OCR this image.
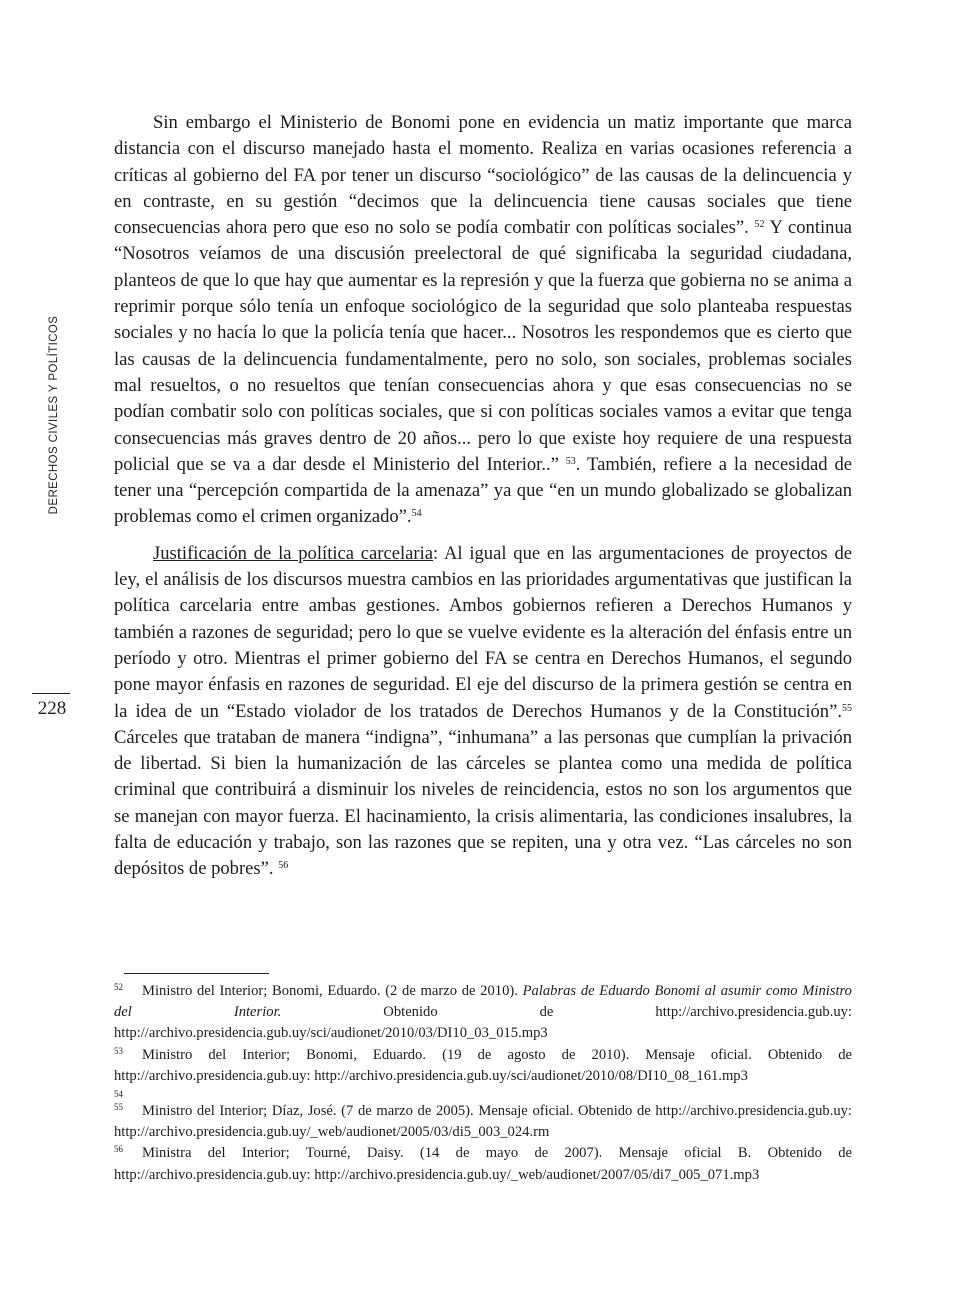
DERECHOS CIVILES Y POLÍTICOS
228

Sin embargo el Ministerio de Bonomi pone en evidencia un matiz importante que marca distancia con el discurso manejado hasta el momento. Realiza en varias ocasiones referencia a críticas al gobierno del FA por tener un discurso “sociológico” de las causas de la delincuencia y en contraste, en su gestión “decimos que la delincuencia tiene causas sociales que tiene consecuencias ahora pero que eso no solo se podía combatir con políticas sociales”. $^{52}$ Y continua “Nosotros veíamos de una discusión preelectoral de qué significaba la seguridad ciudadana, planteos de que lo que hay que aumentar es la represión y que la fuerza que gobierna no se anima a reprimir porque sólo tenía un enfoque sociológico de la seguridad que solo planteaba respuestas sociales y no hacía lo que la policía tenía que hacer... Nosotros les respondemos que es cierto que las causas de la delincuencia fundamentalmente, pero no solo, son sociales, problemas sociales mal resueltos, o no resueltos que tenían consecuencias ahora y que esas consecuencias no se podían combatir solo con políticas sociales, que si con políticas sociales vamos a evitar que tenga consecuencias más graves dentro de 20 años... pero lo que existe hoy requiere de una respuesta policial que se va a dar desde el Ministerio del Interior..” $^{53}$. También, refiere a la necesidad de tener una “percepción compartida de la amenaza” ya que “en un mundo globalizado se globalizan problemas como el crimen organizado”.$^{54}$

Justificación de la política carcelaria: Al igual que en las argumentaciones de proyectos de ley, el análisis de los discursos muestra cambios en las prioridades argumentativas que justifican la política carcelaria entre ambas gestiones. Ambos gobiernos refieren a Derechos Humanos y también a razones de seguridad; pero lo que se vuelve evidente es la alteración del énfasis entre un período y otro. Mientras el primer gobierno del FA se centra en Derechos Humanos, el segundo pone mayor énfasis en razones de seguridad. El eje del discurso de la primera gestión se centra en la idea de un “Estado violador de los tratados de Derechos Humanos y de la Constitución”.$^{55}$ Cárceles que trataban de manera “indigna”, “inhumana” a las personas que cumplían la privación de libertad. Si bien la humanización de las cárceles se plantea como una medida de política criminal que contribuirá a disminuir los niveles de reincidencia, estos no son los argumentos que se manejan con mayor fuerza. El hacinamiento, la crisis alimentaria, las condiciones insalubres, la falta de educación y trabajo, son las razones que se repiten, una y otra vez. “Las cárceles no son depósitos de pobres”. $^{56}$

52 Ministro del Interior; Bonomi, Eduardo. (2 de marzo de 2010). Palabras de Eduardo Bonomi al asumir como Ministro del Interior. Obtenido de http://archivo.presidencia.gub.uy: http://archivo.presidencia.gub.uy/sci/audionet/2010/03/DI10_03_015.mp3

53 Ministro del Interior; Bonomi, Eduardo. (19 de agosto de 2010). Mensaje oficial. Obtenido de http://archivo.presidencia.gub.uy: http://archivo.presidencia.gub.uy/sci/audionet/2010/08/DI10_08_161.mp3

54

55 Ministro del Interior; Díaz, José. (7 de marzo de 2005). Mensaje oficial. Obtenido de http://archivo.presidencia.gub.uy: http://archivo.presidencia.gub.uy/_web/audionet/2005/03/di5_003_024.rm

56 Ministra del Interior; Tourné, Daisy. (14 de mayo de 2007). Mensaje oficial B. Obtenido de http://archivo.presidencia.gub.uy: http://archivo.presidencia.gub.uy/_web/audionet/2007/05/di7_005_071.mp3
